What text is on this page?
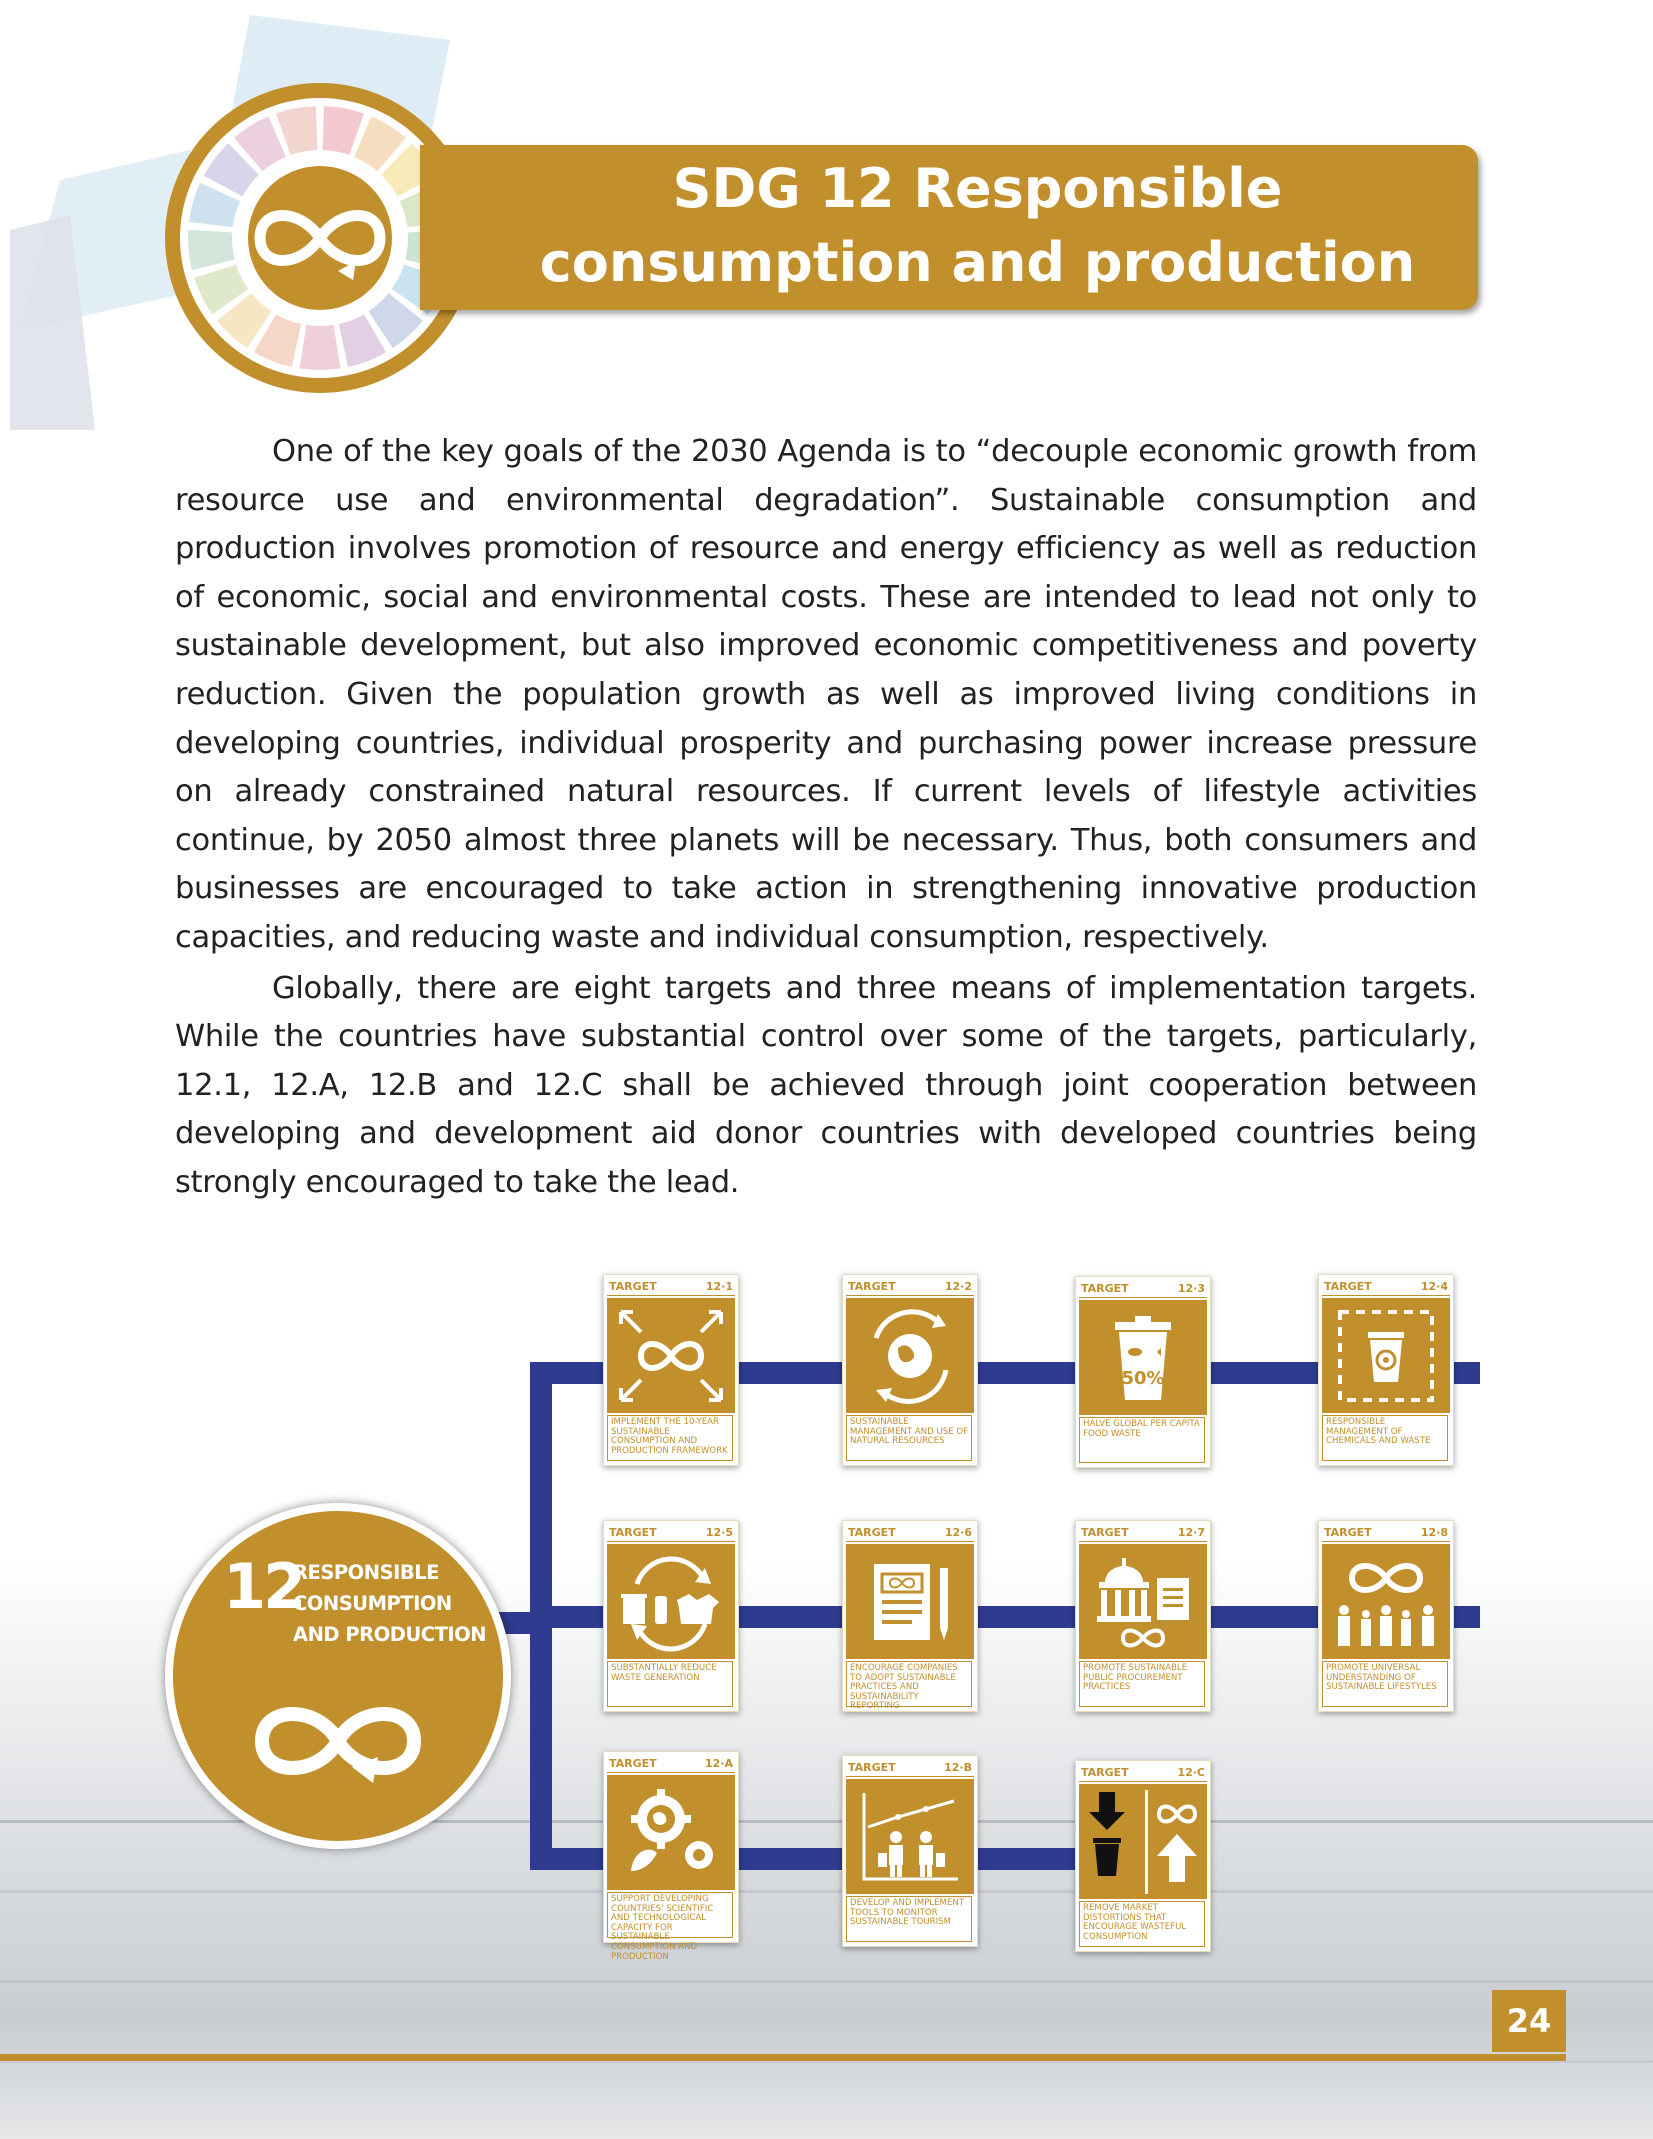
SDG 12 Responsible consumption and production

One of the key goals of the 2030 Agenda is to “decouple economic growth from resource use and environmental degradation”. Sustainable consumption and production involves promotion of resource and energy efficiency as well as reduction of economic, social and environmental costs. These are intended to lead not only to sustainable development, but also improved economic competitiveness and poverty reduction. Given the population growth as well as improved living conditions in developing countries, individual prosperity and purchasing power increase pressure on already constrained natural resources. If current levels of lifestyle activities continue, by 2050 almost three planets will be necessary. Thus, both consumers and businesses are encouraged to take action in strengthening innovative production capacities, and reducing waste and individual consumption, respectively.

Globally, there are eight targets and three means of implementation targets. While the countries have substantial control over some of the targets, particularly, 12.1, 12.A, 12.B and 12.C shall be achieved through joint cooperation between developing and development aid donor countries with developed countries being strongly encouraged to take the lead.

12
RESPONSIBLE
CONSUMPTION
AND PRODUCTION
TARGET	12·1
IMPLEMENT THE 10-YEAR SUSTAINABLE CONSUMPTION AND PRODUCTION FRAMEWORK
TARGET	12·2
SUSTAINABLE MANAGEMENT AND USE OF NATURAL RESOURCES
TARGET	12·3
50%
HALVE GLOBAL PER CAPITA FOOD WASTE
TARGET	12·4
RESPONSIBLE MANAGEMENT OF CHEMICALS AND WASTE
TARGET	12·5
SUBSTANTIALLY REDUCE WASTE GENERATION
TARGET	12·6
ENCOURAGE COMPANIES TO ADOPT SUSTAINABLE PRACTICES AND SUSTAINABILITY REPORTING
TARGET	12·7
PROMOTE SUSTAINABLE PUBLIC PROCUREMENT PRACTICES
TARGET	12·8
PROMOTE UNIVERSAL UNDERSTANDING OF SUSTAINABLE LIFESTYLES
TARGET	12·A
SUPPORT DEVELOPING COUNTRIES' SCIENTIFIC AND TECHNOLOGICAL CAPACITY FOR SUSTAINABLE CONSUMPTION AND PRODUCTION
TARGET	12·B
DEVELOP AND IMPLEMENT TOOLS TO MONITOR SUSTAINABLE TOURISM
TARGET	12·C
REMOVE MARKET DISTORTIONS THAT ENCOURAGE WASTEFUL CONSUMPTION
24
